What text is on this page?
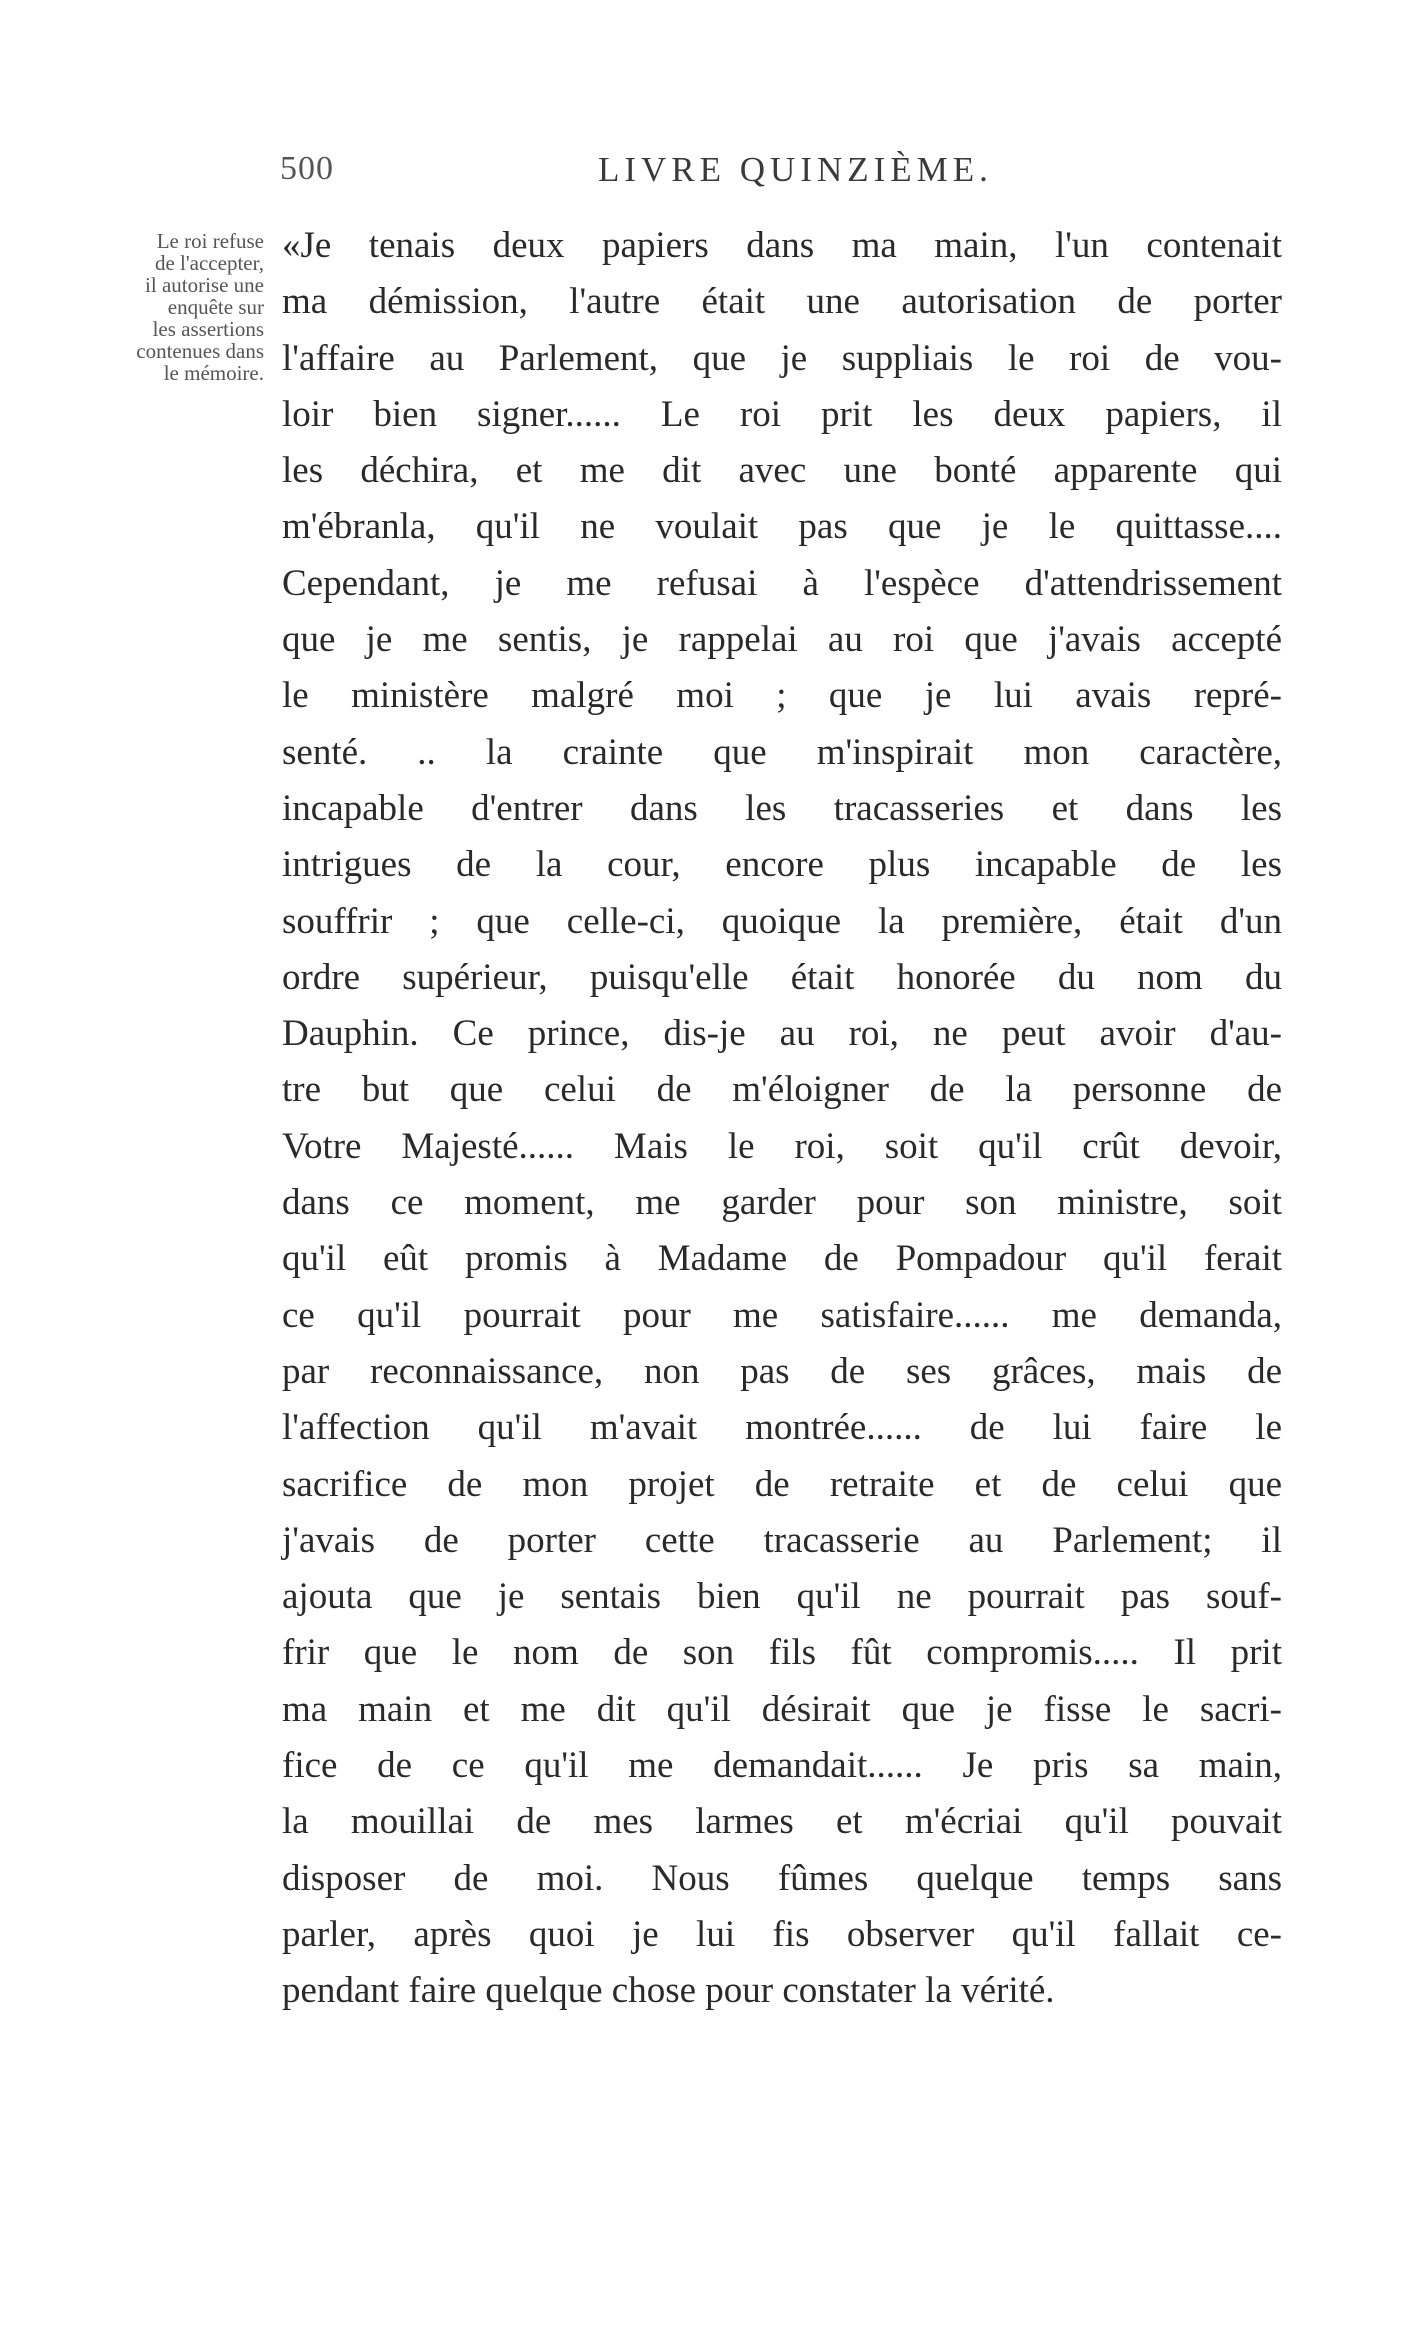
500	LIVRE QUINZIÈME.
Le roi refuse
de l'accepter,
il autorise une
enquête sur
les assertions
contenues dans
le mémoire.
«Je tenais deux papiers dans ma main, l'un contenait
ma démission, l'autre était une autorisation de porter
l'affaire au Parlement, que je suppliais le roi de vou-
loir bien signer...... Le roi prit les deux papiers, il
les déchira, et me dit avec une bonté apparente qui
m'ébranla, qu'il ne voulait pas que je le quittasse....
Cependant, je me refusai à l'espèce d'attendrissement
que je me sentis, je rappelai au roi que j'avais accepté
le ministère malgré moi ; que je lui avais repré-
senté. .. la crainte que m'inspirait mon caractère,
incapable d'entrer dans les tracasseries et dans les
intrigues de la cour, encore plus incapable de les
souffrir ; que celle-ci, quoique la première, était d'un
ordre supérieur, puisqu'elle était honorée du nom du
Dauphin. Ce prince, dis-je au roi, ne peut avoir d'au-
tre but que celui de m'éloigner de la personne de
Votre Majesté...... Mais le roi, soit qu'il crût devoir,
dans ce moment, me garder pour son ministre, soit
qu'il eût promis à Madame de Pompadour qu'il ferait
ce qu'il pourrait pour me satisfaire...... me demanda,
par reconnaissance, non pas de ses grâces, mais de
l'affection qu'il m'avait montrée...... de lui faire le
sacrifice de mon projet de retraite et de celui que
j'avais de porter cette tracasserie au Parlement; il
ajouta que je sentais bien qu'il ne pourrait pas souf-
frir que le nom de son fils fût compromis..... Il prit
ma main et me dit qu'il désirait que je fisse le sacri-
fice de ce qu'il me demandait...... Je pris sa main,
la mouillai de mes larmes et m'écriai qu'il pouvait
disposer de moi. Nous fûmes quelque temps sans
parler, après quoi je lui fis observer qu'il fallait ce-
pendant faire quelque chose pour constater la vérité.
